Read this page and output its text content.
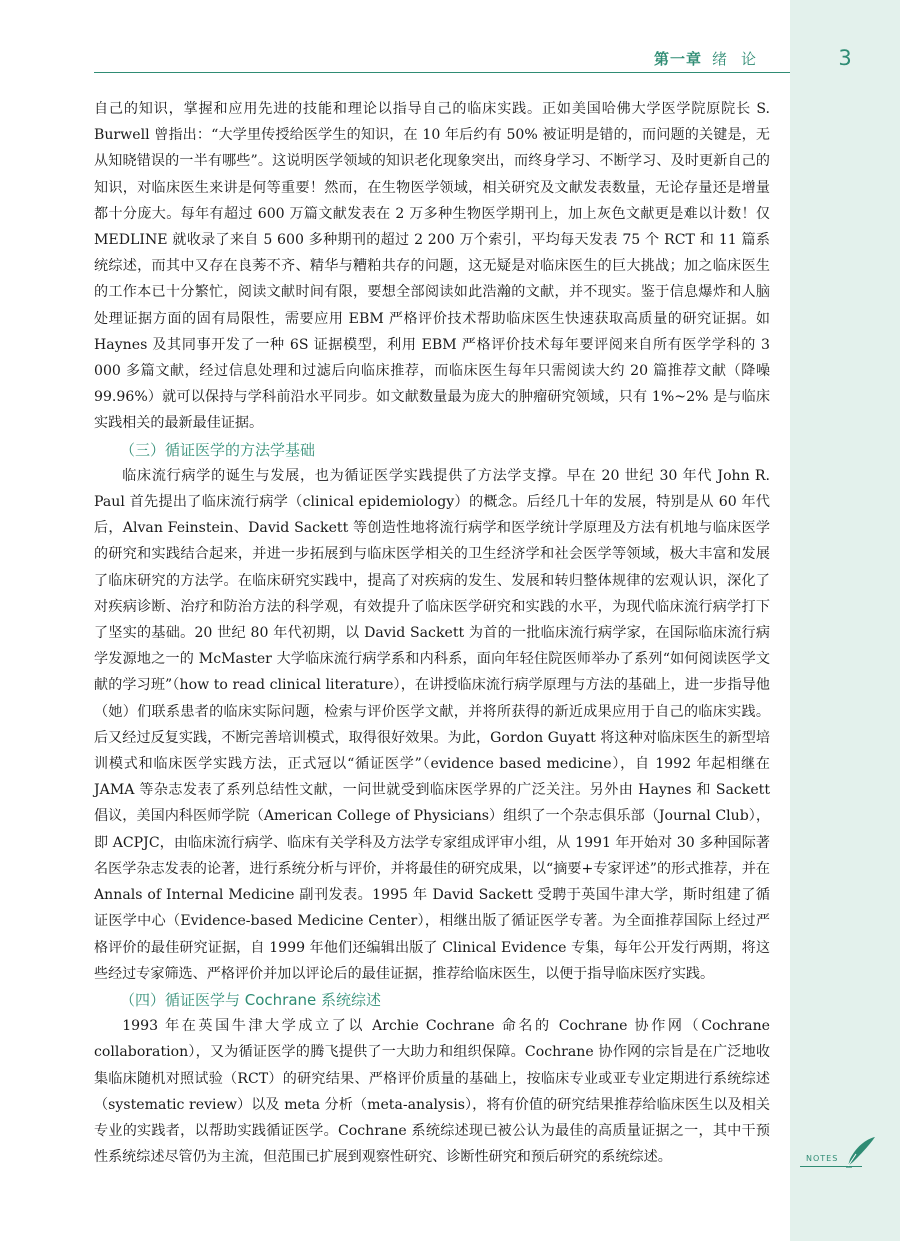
第一章 绪论	3

自己的知识，掌握和应用先进的技能和理论以指导自己的临床实践。正如美国哈佛大学医学院原院长 S. Burwell 曾指出：“大学里传授给医学生的知识，在 10 年后约有 50% 被证明是错的，而问题的关键是，无从知晓错误的一半有哪些”。这说明医学领域的知识老化现象突出，而终身学习、不断学习、及时更新自己的知识，对临床医生来讲是何等重要！然而，在生物医学领域，相关研究及文献发表数量，无论存量还是增量都十分庞大。每年有超过 600 万篇文献发表在 2 万多种生物医学期刊上，加上灰色文献更是难以计数！仅 MEDLINE 就收录了来自 5 600 多种期刊的超过 2 200 万个索引，平均每天发表 75 个 RCT 和 11 篇系统综述，而其中又存在良莠不齐、精华与糟粕共存的问题，这无疑是对临床医生的巨大挑战；加之临床医生的工作本已十分繁忙，阅读文献时间有限，要想全部阅读如此浩瀚的文献，并不现实。鉴于信息爆炸和人脑处理证据方面的固有局限性，需要应用 EBM 严格评价技术帮助临床医生快速获取高质量的研究证据。如 Haynes 及其同事开发了一种 6S 证据模型，利用 EBM 严格评价技术每年要评阅来自所有医学学科的 3 000 多篇文献，经过信息处理和过滤后向临床推荐，而临床医生每年只需阅读大约 20 篇推荐文献（降噪 99.96%）就可以保持与学科前沿水平同步。如文献数量最为庞大的肿瘤研究领域，只有 1%~2% 是与临床实践相关的最新最佳证据。

（三）循证医学的方法学基础

临床流行病学的诞生与发展，也为循证医学实践提供了方法学支撑。早在 20 世纪 30 年代 John R. Paul 首先提出了临床流行病学（clinical epidemiology）的概念。后经几十年的发展，特别是从 60 年代后，Alvan Feinstein、David Sackett 等创造性地将流行病学和医学统计学原理及方法有机地与临床医学的研究和实践结合起来，并进一步拓展到与临床医学相关的卫生经济学和社会医学等领域，极大丰富和发展了临床研究的方法学。在临床研究实践中，提高了对疾病的发生、发展和转归整体规律的宏观认识，深化了对疾病诊断、治疗和防治方法的科学观，有效提升了临床医学研究和实践的水平，为现代临床流行病学打下了坚实的基础。20 世纪 80 年代初期，以 David Sackett 为首的一批临床流行病学家，在国际临床流行病学发源地之一的 McMaster 大学临床流行病学系和内科系，面向年轻住院医师举办了系列“如何阅读医学文献的学习班”（how to read clinical literature），在讲授临床流行病学原理与方法的基础上，进一步指导他（她）们联系患者的临床实际问题，检索与评价医学文献，并将所获得的新近成果应用于自己的临床实践。后又经过反复实践，不断完善培训模式，取得很好效果。为此，Gordon Guyatt 将这种对临床医生的新型培训模式和临床医学实践方法，正式冠以“循证医学”（evidence based medicine），自 1992 年起相继在 JAMA 等杂志发表了系列总结性文献，一问世就受到临床医学界的广泛关注。另外由 Haynes 和 Sackett 倡议，美国内科医师学院（American College of Physicians）组织了一个杂志俱乐部（Journal Club），即 ACPJC，由临床流行病学、临床有关学科及方法学专家组成评审小组，从 1991 年开始对 30 多种国际著名医学杂志发表的论著，进行系统分析与评价，并将最佳的研究成果，以“摘要+专家评述”的形式推荐，并在 Annals of Internal Medicine 副刊发表。1995 年 David Sackett 受聘于英国牛津大学，斯时组建了循证医学中心（Evidence-based Medicine Center），相继出版了循证医学专著。为全面推荐国际上经过严格评价的最佳研究证据，自 1999 年他们还编辑出版了 Clinical Evidence 专集，每年公开发行两期，将这些经过专家筛选、严格评价并加以评论后的最佳证据，推荐给临床医生，以便于指导临床医疗实践。

（四）循证医学与 Cochrane 系统综述

1993 年在英国牛津大学成立了以 Archie Cochrane 命名的 Cochrane 协作网（Cochrane collaboration），又为循证医学的腾飞提供了一大助力和组织保障。Cochrane 协作网的宗旨是在广泛地收集临床随机对照试验（RCT）的研究结果、严格评价质量的基础上，按临床专业或亚专业定期进行系统综述（systematic review）以及 meta 分析（meta-analysis），将有价值的研究结果推荐给临床医生以及相关专业的实践者，以帮助实践循证医学。Cochrane 系统综述现已被公认为最佳的高质量证据之一，其中干预性系统综述尽管仍为主流，但范围已扩展到观察性研究、诊断性研究和预后研究的系统综述。	NOTES
